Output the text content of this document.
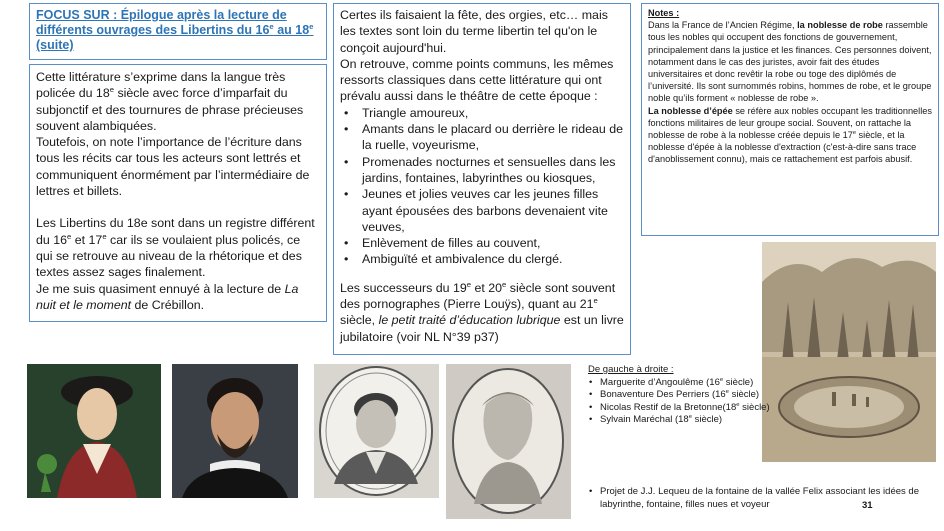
FOCUS SUR : Épilogue après la lecture de différents ouvrages des Libertins du 16e au 18e (suite)

Cette littérature s’exprime dans la langue très policée du 18e siècle avec force d’imparfait du subjonctif et des tournures de phrase précieuses souvent alambiquées.

Toutefois, on note l’importance de l’écriture dans tous les récits car tous les acteurs sont lettrés et communiquent énormément par l’intermédiaire de lettres et billets.

Les Libertins du 18e sont dans un registre différent du 16e et 17e car ils se voulaient plus policés, ce qui se retrouve au niveau de la rhétorique et des textes assez sages finalement.

Je me suis quasiment ennuyé à la lecture de La nuit et le moment de Crébillon.

Certes ils faisaient la fête, des orgies, etc… mais les textes sont loin du terme libertin tel qu'on le conçoit aujourd'hui.

On retrouve, comme points communs, les mêmes ressorts classiques dans cette littérature qui ont prévalu aussi dans le théâtre de cette époque :

• Triangle amoureux,
• Amants dans le placard ou derrière le rideau de la ruelle, voyeurisme,
• Promenades nocturnes et sensuelles dans les jardins, fontaines, labyrinthes ou kiosques,
• Jeunes et jolies veuves car les jeunes filles ayant épousées des barbons devenaient vite veuves,
• Enlèvement de filles au couvent,
• Ambiguïté et ambivalence du clergé.

Les successeurs du 19e et 20e siècle sont souvent des pornographes (Pierre Louÿs), quant au 21e siècle, le petit traité d’éducation lubrique est un livre jubilatoire (voir NL N°39 p37)

Notes :

Dans la France de l’Ancien Régime, la noblesse de robe rassemble tous les nobles qui occupent des fonctions de gouvernement, principalement dans la justice et les finances. Ces personnes doivent, notamment dans le cas des juristes, avoir fait des études universitaires et donc revêtir la robe ou toge des diplômés de l’université. Ils sont surnommés robins, hommes de robe, et le groupe noble qu’ils forment « noblesse de robe ».

La noblesse d’épée se réfère aux nobles occupant les traditionnelles fonctions militaires de leur groupe social. Souvent, on rattache la noblesse de robe à la noblesse créée depuis le 17e siècle, et la noblesse d'épée à la noblesse d'extraction (c'est-à-dire sans trace d'anoblissement connu), mais ce rattachement est parfois abusif.

De gauche à droite :
• Marguerite d’Angoulême (16e siècle)
• Bonaventure Des Perriers (16e siècle)
• Nicolas Restif de la Bretonne(18e siècle)
• Sylvain Maréchal (18e siècle)
• Projet de J.J. Lequeu de la fontaine de la vallée Felix associant les idées de labyrinthe, fontaine, filles nues et voyeur	31
